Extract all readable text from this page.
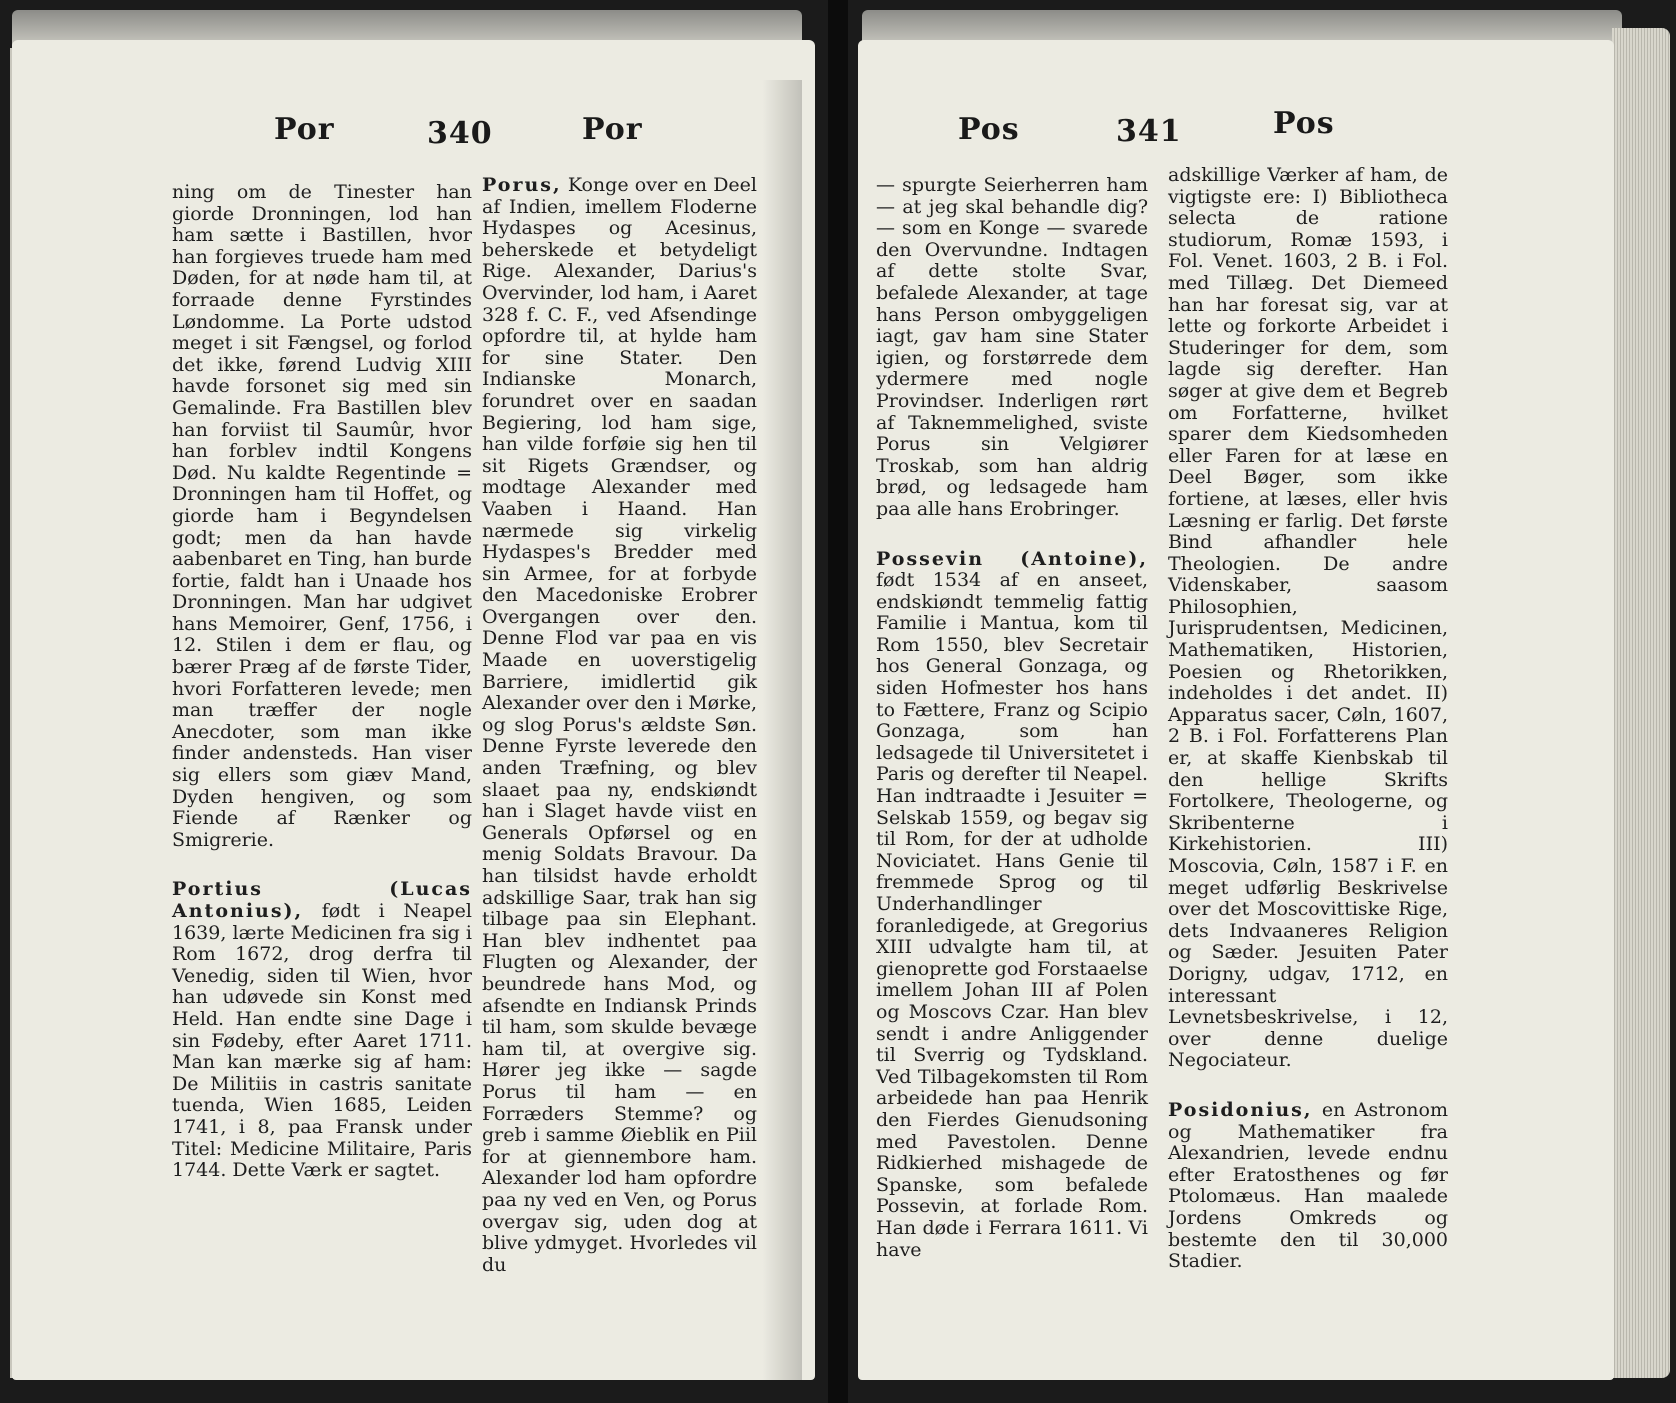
Por	340	Por

ning om de Tinester han giorde Dronningen, lod han ham sætte i Bastillen, hvor han forgieves truede ham med Døden, for at nøde ham til, at forraade denne Fyrstindes Løndomme. La Porte udstod meget i sit Fængsel, og forlod det ikke, førend Ludvig XIII havde forsonet sig med sin Gemalinde. Fra Bastillen blev han forviist til Saumûr, hvor han forblev indtil Kongens Død. Nu kaldte Regentinde = Dronningen ham til Hoffet, og giorde ham i Begyndelsen godt; men da han havde aabenbaret en Ting, han burde fortie, faldt han i Unaade hos Dronningen. Man har udgivet hans Memoirer, Genf, 1756, i 12. Stilen i dem er flau, og bærer Præg af de første Tider, hvori Forfatteren levede; men man træffer der nogle Anecdoter, som man ikke finder andensteds. Han viser sig ellers som giæv Mand, Dyden hengiven, og som Fiende af Rænker og Smigrerie.

Portius (Lucas Antonius), født i Neapel 1639, lærte Medicinen fra sig i Rom 1672, drog derfra til Venedig, siden til Wien, hvor han udøvede sin Konst med Held. Han endte sine Dage i sin Fødeby, efter Aaret 1711. Man kan mærke sig af ham: De Militiis in castris sanitate tuenda, Wien 1685, Leiden 1741, i 8, paa Fransk under Titel: Medicine Militaire, Paris 1744. Dette Værk er sagtet.

Porus, Konge over en Deel af Indien, imellem Floderne Hydaspes og Acesinus, beherskede et betydeligt Rige. Alexander, Darius's Overvinder, lod ham, i Aaret 328 f. C. F., ved Afsendinge opfordre til, at hylde ham for sine Stater. Den Indianske Monarch, forundret over en saadan Begiering, lod ham sige, han vilde forføie sig hen til sit Rigets Grændser, og modtage Alexander med Vaaben i Haand. Han nærmede sig virkelig Hydaspes's Bredder med sin Armee, for at forbyde den Macedoniske Erobrer Overgangen over den. Denne Flod var paa en vis Maade en uoverstigelig Barriere, imidlertid gik Alexander over den i Mørke, og slog Porus's ældste Søn. Denne Fyrste leverede den anden Træfning, og blev slaaet paa ny, endskiøndt han i Slaget havde viist en Generals Opførsel og en menig Soldats Bravour. Da han tilsidst havde erholdt adskillige Saar, trak han sig tilbage paa sin Elephant. Han blev indhentet paa Flugten og Alexander, der beundrede hans Mod, og afsendte en Indiansk Prinds til ham, som skulde bevæge ham til, at overgive sig. Hører jeg ikke — sagde Porus til ham — en Forræders Stemme? og greb i samme Øieblik en Piil for at giennembore ham. Alexander lod ham opfordre paa ny ved en Ven, og Porus overgav sig, uden dog at blive ydmyget. Hvorledes vil du

Pos	341	Pos

— spurgte Seierherren ham — at jeg skal behandle dig? — som en Konge — svarede den Overvundne. Indtagen af dette stolte Svar, befalede Alexander, at tage hans Person ombyggeligen iagt, gav ham sine Stater igien, og forstørrede dem ydermere med nogle Provindser. Inderligen rørt af Taknemmelighed, sviste Porus sin Velgiører Troskab, som han aldrig brød, og ledsagede ham paa alle hans Erobringer.

Possevin (Antoine), født 1534 af en anseet, endskiøndt temmelig fattig Familie i Mantua, kom til Rom 1550, blev Secretair hos General Gonzaga, og siden Hofmester hos hans to Fættere, Franz og Scipio Gonzaga, som han ledsagede til Universitetet i Paris og derefter til Neapel. Han indtraadte i Jesuiter = Selskab 1559, og begav sig til Rom, for der at udholde Noviciatet. Hans Genie til fremmede Sprog og til Underhandlinger foranledigede, at Gregorius XIII udvalgte ham til, at gienoprette god Forstaaelse imellem Johan III af Polen og Moscovs Czar. Han blev sendt i andre Anliggender til Sverrig og Tydskland. Ved Tilbagekomsten til Rom arbeidede han paa Henrik den Fierdes Gienudsoning med Pavestolen. Denne Ridkierhed mishagede de Spanske, som befalede Possevin, at forlade Rom. Han døde i Ferrara 1611. Vi have

adskillige Værker af ham, de vigtigste ere: I) Bibliotheca selecta de ratione studiorum, Romæ 1593, i Fol. Venet. 1603, 2 B. i Fol. med Tillæg. Det Diemeed han har foresat sig, var at lette og forkorte Arbeidet i Studeringer for dem, som lagde sig derefter. Han søger at give dem et Begreb om Forfatterne, hvilket sparer dem Kiedsomheden eller Faren for at læse en Deel Bøger, som ikke fortiene, at læses, eller hvis Læsning er farlig. Det første Bind afhandler hele Theologien. De andre Videnskaber, saasom Philosophien, Jurisprudentsen, Medicinen, Mathematiken, Historien, Poesien og Rhetorikken, indeholdes i det andet. II) Apparatus sacer, Cøln, 1607, 2 B. i Fol. Forfatterens Plan er, at skaffe Kienbskab til den hellige Skrifts Fortolkere, Theologerne, og Skribenterne i Kirkehistorien. III) Moscovia, Cøln, 1587 i F. en meget udførlig Beskrivelse over det Moscovittiske Rige, dets Indvaaneres Religion og Sæder. Jesuiten Pater Dorigny, udgav, 1712, en interessant Levnetsbeskrivelse, i 12, over denne duelige Negociateur.

Posidonius, en Astronom og Mathematiker fra Alexandrien, levede endnu efter Eratosthenes og før Ptolomæus. Han maalede Jordens Omkreds og bestemte den til 30,000 Stadier.
